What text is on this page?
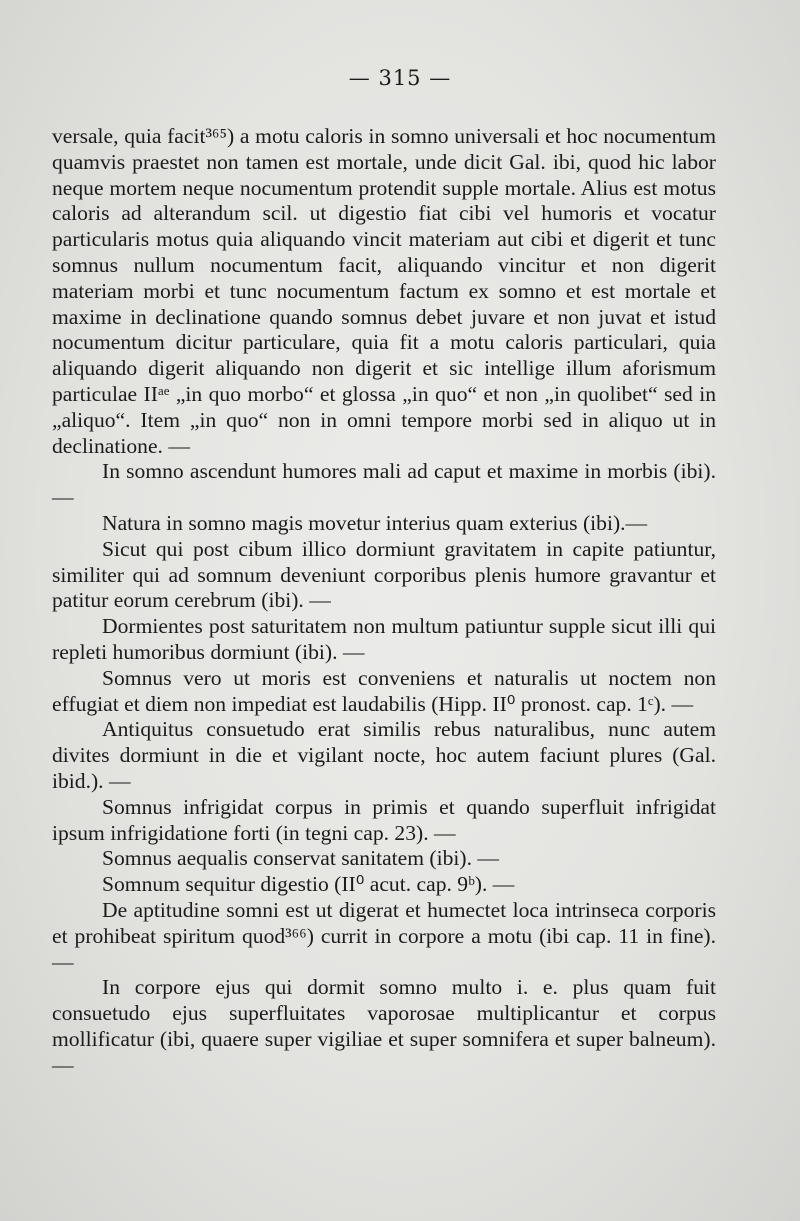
— 315 —

versale, quia facit³⁶⁵) a motu caloris in somno universali et hoc nocumentum quamvis praestet non tamen est mortale, unde dicit Gal. ibi, quod hic labor neque mortem neque nocumentum protendit supple mortale. Alius est motus caloris ad alterandum scil. ut digestio fiat cibi vel humoris et vocatur particularis motus quia aliquando vincit materiam aut cibi et digerit et tunc somnus nullum nocumentum facit, aliquando vincitur et non digerit materiam morbi et tunc nocumentum factum ex somno et est mortale et maxime in declinatione quando somnus debet juvare et non juvat et istud nocumentum dicitur particulare, quia fit a motu caloris particulari, quia aliquando digerit aliquando non digerit et sic intellige illum aforismum particulae IIᵃᵉ „in quo morbo“ et glossa „in quo“ et non „in quolibet“ sed in „aliquo“. Item „in quo“ non in omni tempore morbi sed in aliquo ut in declinatione. —

In somno ascendunt humores mali ad caput et maxime in morbis (ibi). —

Natura in somno magis movetur interius quam exterius (ibi).—

Sicut qui post cibum illico dormiunt gravitatem in capite patiuntur, similiter qui ad somnum deveniunt corporibus plenis humore gravantur et patitur eorum cerebrum (ibi). —

Dormientes post saturitatem non multum patiuntur supple sicut illi qui repleti humoribus dormiunt (ibi). —

Somnus vero ut moris est conveniens et naturalis ut noctem non effugiat et diem non impediat est laudabilis (Hipp. II⁰ pronost. cap. 1ᶜ). —

Antiquitus consuetudo erat similis rebus naturalibus, nunc autem divites dormiunt in die et vigilant nocte, hoc autem faciunt plures (Gal. ibid.). —

Somnus infrigidat corpus in primis et quando superfluit infrigidat ipsum infrigidatione forti (in tegni cap. 23). —

Somnus aequalis conservat sanitatem (ibi). —

Somnum sequitur digestio (II⁰ acut. cap. 9ᵇ). —

De aptitudine somni est ut digerat et humectet loca intrinseca corporis et prohibeat spiritum quod³⁶⁶) currit in corpore a motu (ibi cap. 11 in fine). —

In corpore ejus qui dormit somno multo i. e. plus quam fuit consuetudo ejus superfluitates vaporosae multiplicantur et corpus mollificatur (ibi, quaere super vigiliae et super somnifera et super balneum). —
